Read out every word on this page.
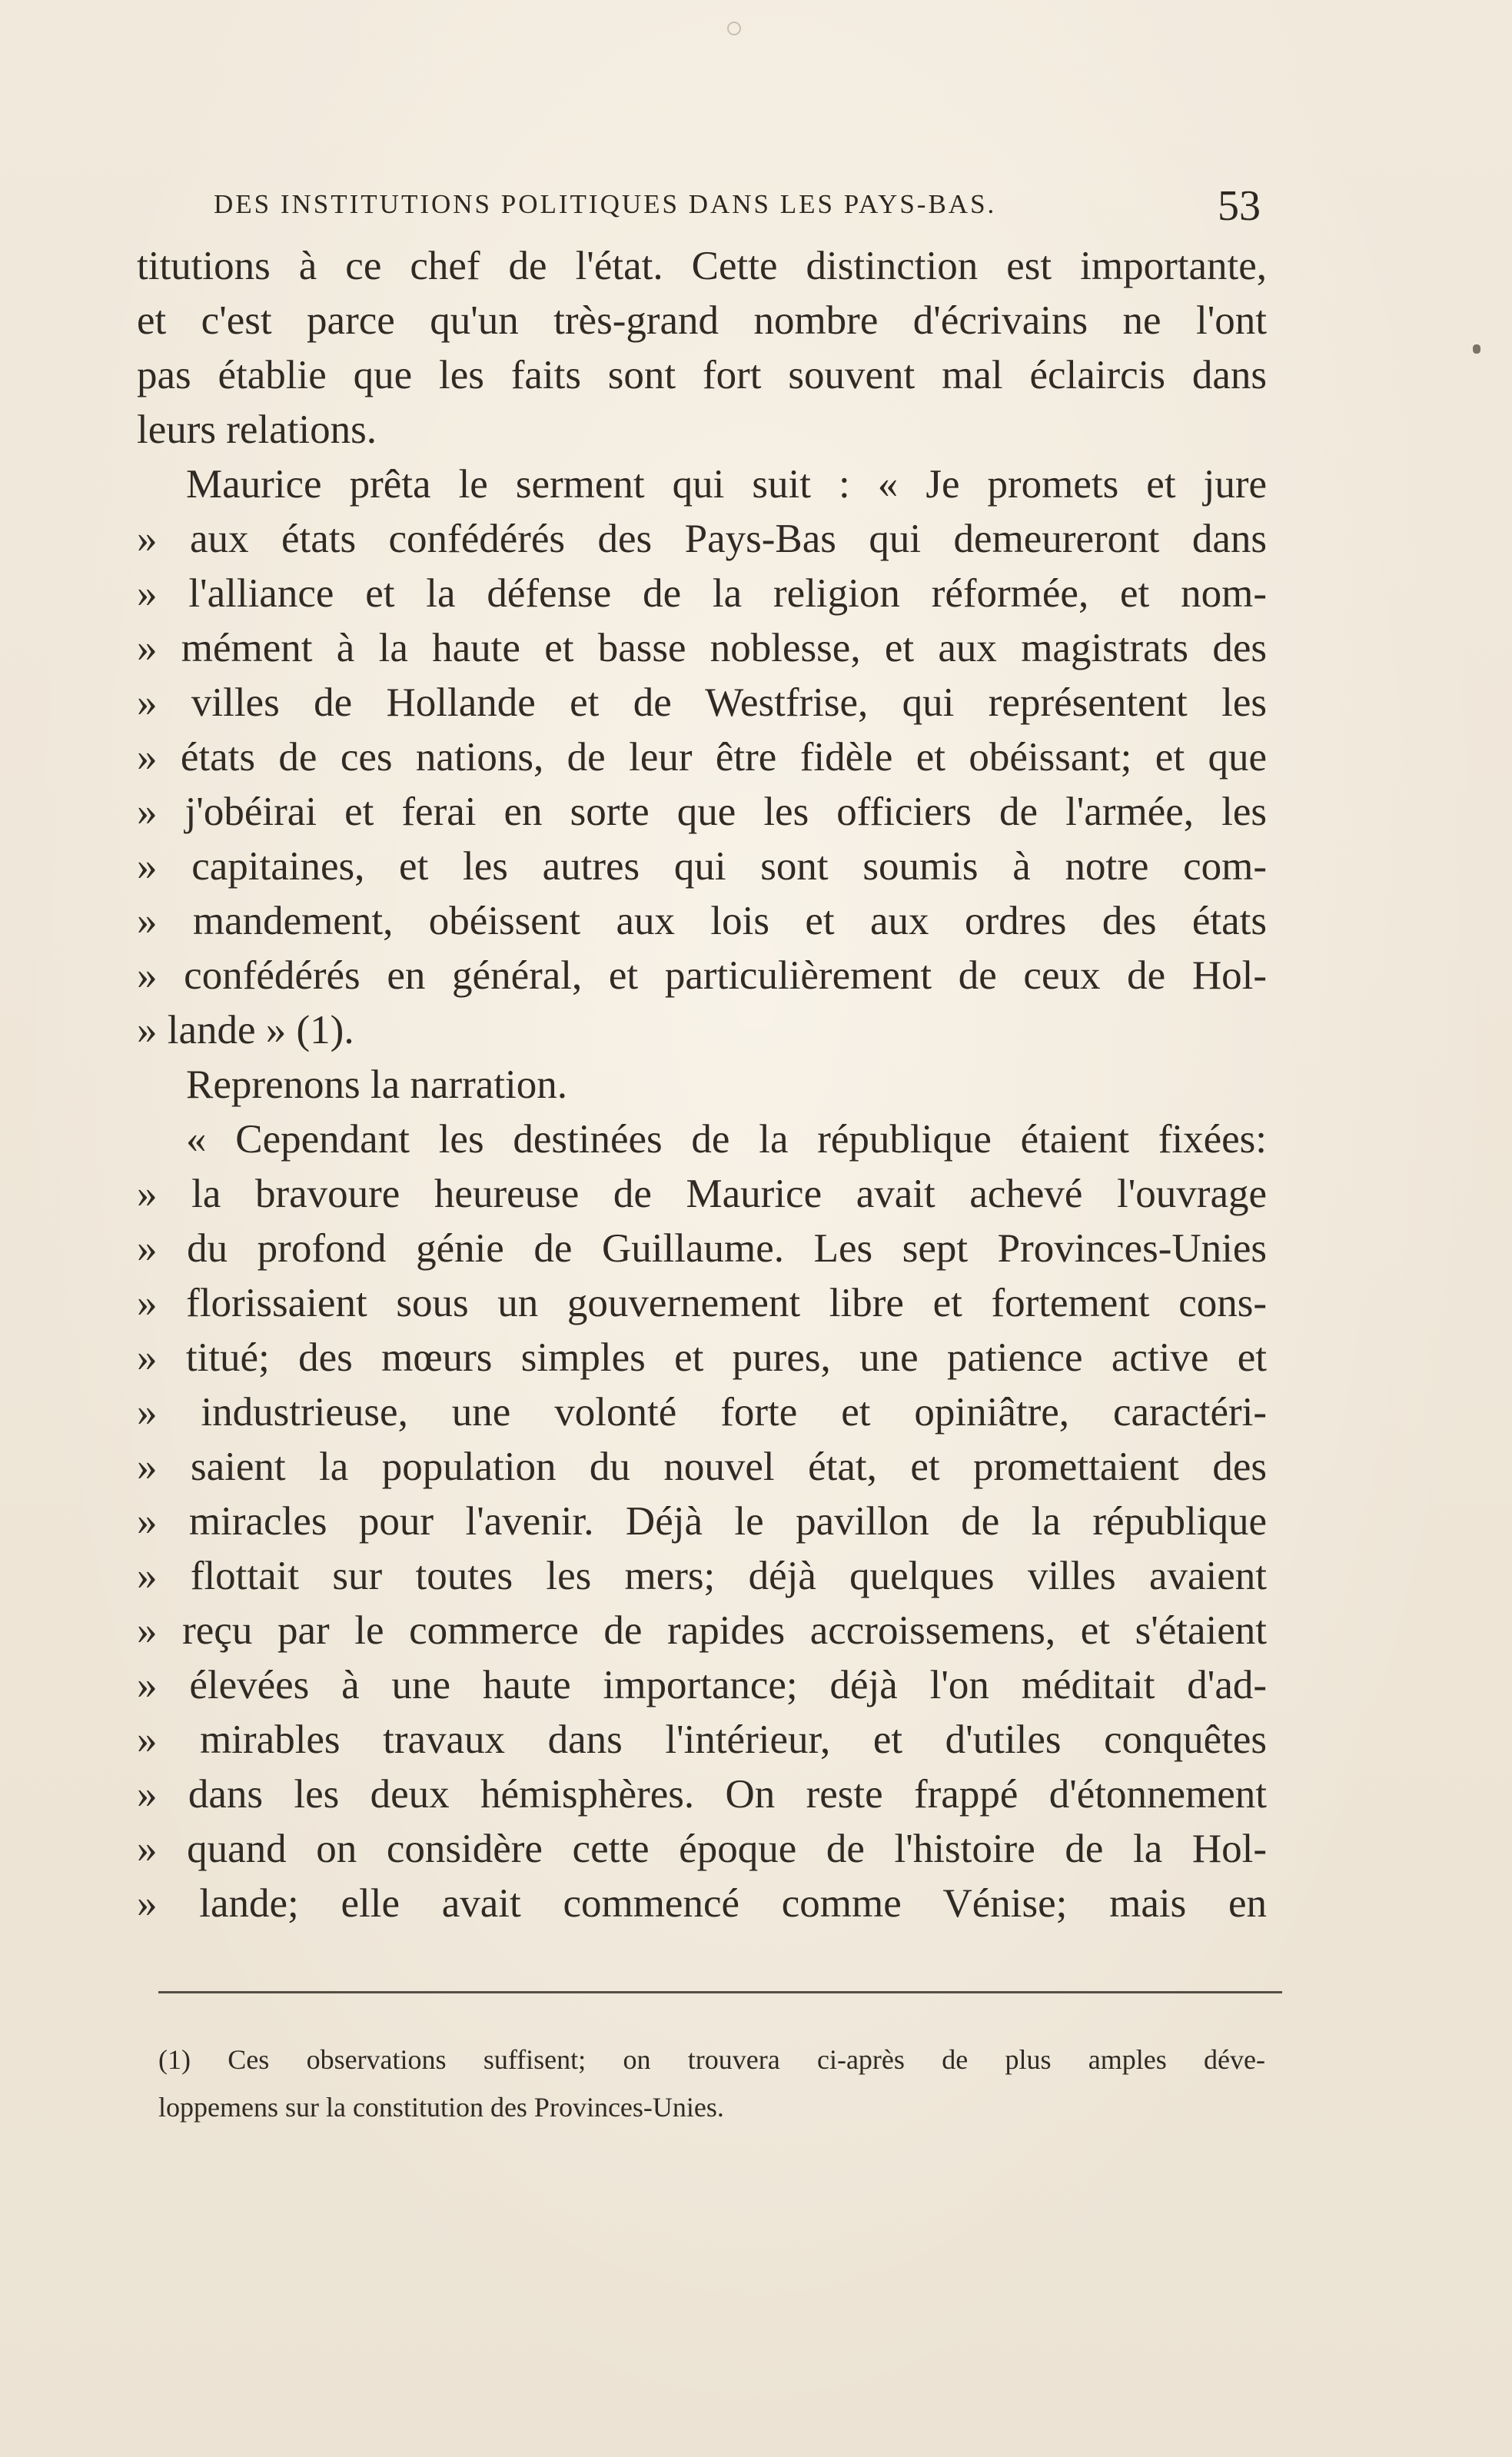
DES INSTITUTIONS POLITIQUES DANS LES PAYS-BAS.	53
titutions à ce chef de l'état. Cette distinction est importante,
et c'est parce qu'un très-grand nombre d'écrivains ne l'ont
pas établie que les faits sont fort souvent mal éclaircis dans
leurs relations.
Maurice prêta le serment qui suit : « Je promets et jure
» aux états confédérés des Pays-Bas qui demeureront dans
» l'alliance et la défense de la religion réformée, et nom-
» mément à la haute et basse noblesse, et aux magistrats des
» villes de Hollande et de Westfrise, qui représentent les
» états de ces nations, de leur être fidèle et obéissant; et que
» j'obéirai et ferai en sorte que les officiers de l'armée, les
» capitaines, et les autres qui sont soumis à notre com-
» mandement, obéissent aux lois et aux ordres des états
» confédérés en général, et particulièrement de ceux de Hol-
» lande » (1).
Reprenons la narration.
« Cependant les destinées de la république étaient fixées:
» la bravoure heureuse de Maurice avait achevé l'ouvrage
» du profond génie de Guillaume. Les sept Provinces-Unies
» florissaient sous un gouvernement libre et fortement cons-
» titué; des mœurs simples et pures, une patience active et
» industrieuse, une volonté forte et opiniâtre, caractéri-
» saient la population du nouvel état, et promettaient des
» miracles pour l'avenir. Déjà le pavillon de la république
» flottait sur toutes les mers; déjà quelques villes avaient
» reçu par le commerce de rapides accroissemens, et s'étaient
» élevées à une haute importance; déjà l'on méditait d'ad-
» mirables travaux dans l'intérieur, et d'utiles conquêtes
» dans les deux hémisphères. On reste frappé d'étonnement
» quand on considère cette époque de l'histoire de la Hol-
» lande; elle avait commencé comme Vénise; mais en
(1) Ces observations suffisent; on trouvera ci-après de plus amples déve-
loppemens sur la constitution des Provinces-Unies.
